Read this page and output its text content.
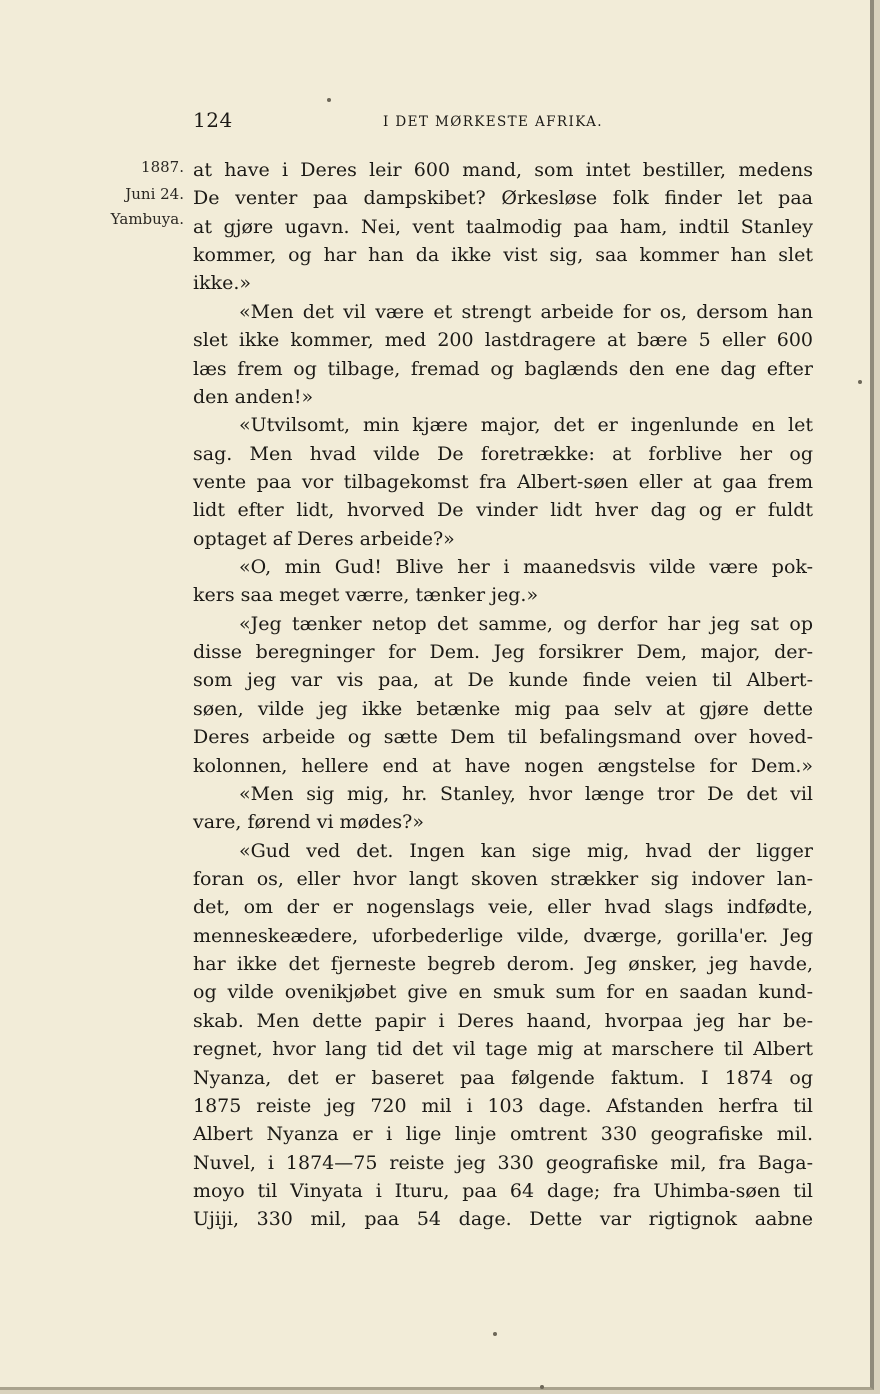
124	I DET MØRKESTE AFRIKA.
1887.
Juni 24.
Yambuya.
at have i Deres leir 600 mand, som intet bestiller, medens
De venter paa dampskibet? Ørkesløse folk finder let paa
at gjøre ugavn. Nei, vent taalmodig paa ham, indtil Stanley
kommer, og har han da ikke vist sig, saa kommer han slet
ikke.»
«Men det vil være et strengt arbeide for os, dersom han
slet ikke kommer, med 200 lastdragere at bære 5 eller 600
læs frem og tilbage, fremad og baglænds den ene dag efter
den anden!»
«Utvilsomt, min kjære major, det er ingenlunde en let
sag. Men hvad vilde De foretrække: at forblive her og
vente paa vor tilbagekomst fra Albert-søen eller at gaa frem
lidt efter lidt, hvorved De vinder lidt hver dag og er fuldt
optaget af Deres arbeide?»
«O, min Gud! Blive her i maanedsvis vilde være pok-
kers saa meget værre, tænker jeg.»
«Jeg tænker netop det samme, og derfor har jeg sat op
disse beregninger for Dem. Jeg forsikrer Dem, major, der-
som jeg var vis paa, at De kunde finde veien til Albert-
søen, vilde jeg ikke betænke mig paa selv at gjøre dette
Deres arbeide og sætte Dem til befalingsmand over hoved-
kolonnen, hellere end at have nogen ængstelse for Dem.»
«Men sig mig, hr. Stanley, hvor længe tror De det vil
vare, førend vi mødes?»
«Gud ved det. Ingen kan sige mig, hvad der ligger
foran os, eller hvor langt skoven strækker sig indover lan-
det, om der er nogenslags veie, eller hvad slags indfødte,
menneskeædere, uforbederlige vilde, dværge, gorilla'er. Jeg
har ikke det fjerneste begreb derom. Jeg ønsker, jeg havde,
og vilde ovenikjøbet give en smuk sum for en saadan kund-
skab. Men dette papir i Deres haand, hvorpaa jeg har be-
regnet, hvor lang tid det vil tage mig at marschere til Albert
Nyanza, det er baseret paa følgende faktum. I 1874 og
1875 reiste jeg 720 mil i 103 dage. Afstanden herfra til
Albert Nyanza er i lige linje omtrent 330 geografiske mil.
Nuvel, i 1874—75 reiste jeg 330 geografiske mil, fra Baga-
moyo til Vinyata i Ituru, paa 64 dage; fra Uhimba-søen til
Ujiji, 330 mil, paa 54 dage. Dette var rigtignok aabne
